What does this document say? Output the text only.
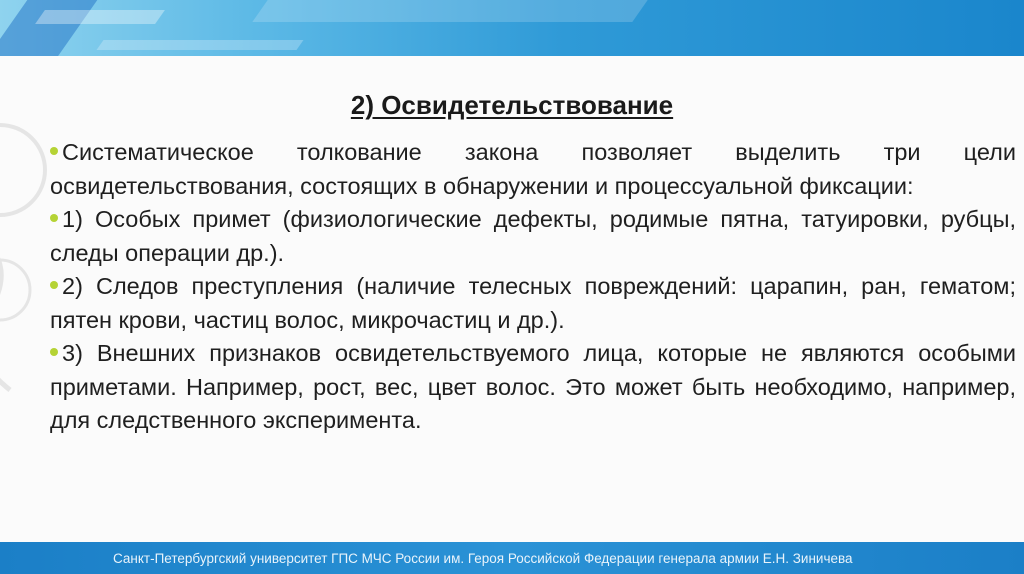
2) Освидетельствование

Систематическое толкование закона позволяет выделить три цели освидетельствования, состоящих в обнаружении и процессуальной фиксации:

1) Особых примет (физиологические дефекты, родимые пятна, татуировки, рубцы, следы операции др.).

2) Следов преступления (наличие телесных повреждений: царапин, ран, гематом; пятен крови, частиц волос, микрочастиц и др.).

3) Внешних признаков освидетельствуемого лица, которые не являются особыми приметами. Например, рост, вес, цвет волос. Это может быть необходимо, например, для следственного эксперимента.

Санкт-Петербургский университет ГПС МЧС России им. Героя Российской Федерации генерала армии Е.Н. Зиничева
